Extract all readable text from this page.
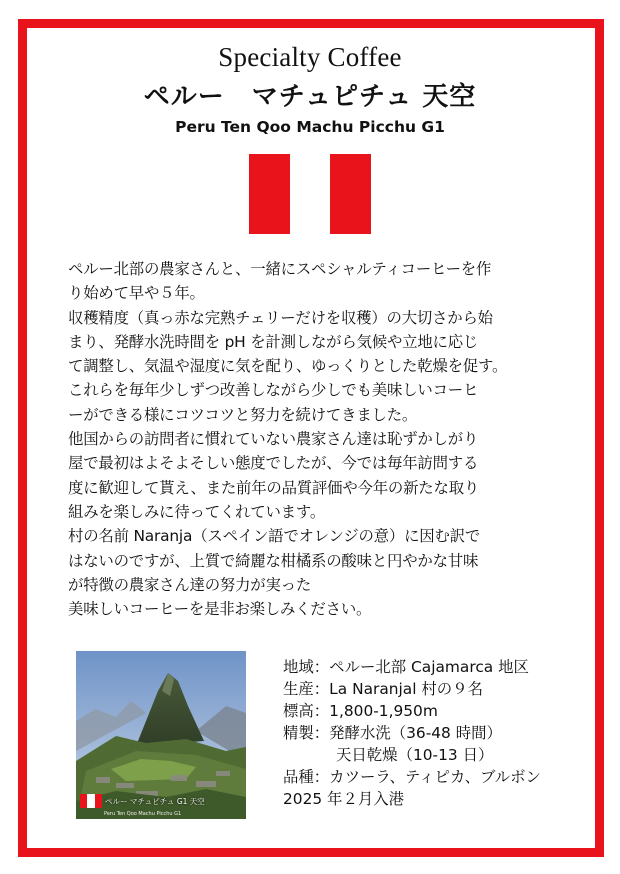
Specialty Coffee
ペルー　マチュピチュ 天空
Peru Ten Qoo Machu Picchu G1

ペルー北部の農家さんと、一緒にスペシャルティコーヒーを作

り始めて早や５年。

収穫精度（真っ赤な完熟チェリーだけを収穫）の大切さから始

まり、発酵水洗時間を pH を計測しながら気候や立地に応じ

て調整し、気温や湿度に気を配り、ゆっくりとした乾燥を促す。

これらを毎年少しずつ改善しながら少しでも美味しいコーヒ

ーができる様にコツコツと努力を続けてきました。

他国からの訪問者に慣れていない農家さん達は恥ずかしがり

屋で最初はよそよそしい態度でしたが、今では毎年訪問する

度に歓迎して貰え、また前年の品質評価や今年の新たな取り

組みを楽しみに待ってくれています。

村の名前 Naranja（スペイン語でオレンジの意）に因む訳で

はないのですが、上質で綺麗な柑橘系の酸味と円やかな甘味

が特徴の農家さん達の努力が実った

美味しいコーヒーを是非お楽しみください。

ペルー マチュピチュ G1 天空
Peru Ten Qoo Machu Picchu G1
地域：ペルー北部 Cajamarca 地区
生産：La Naranjal 村の９名
標高：1,800-1,950m
精製：発酵水洗（36-48 時間）
天日乾燥（10-13 日）
品種：カツーラ、ティピカ、ブルボン
2025 年２月入港
